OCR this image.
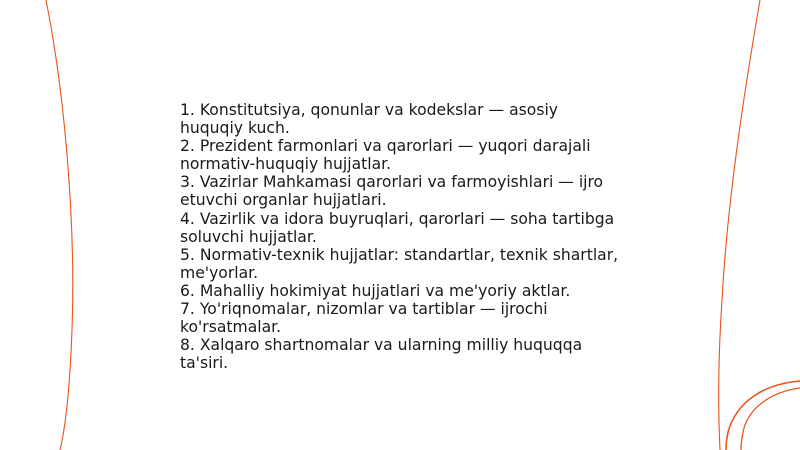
1. Konstitutsiya, qonunlar va kodekslar — asosiy huquqiy kuch.
2. Prezident farmonlari va qarorlari — yuqori darajali normativ-huquqiy hujjatlar.
3. Vazirlar Mahkamasi qarorlari va farmoyishlari — ijro etuvchi organlar hujjatlari.
4. Vazirlik va idora buyruqlari, qarorlari — soha tartibga soluvchi hujjatlar.
5. Normativ-texnik hujjatlar: standartlar, texnik shartlar, me'yorlar.
6. Mahalliy hokimiyat hujjatlari va me'yoriy aktlar.
7. Yo'riqnomalar, nizomlar va tartiblar — ijrochi ko'rsatmalar.
8. Xalqaro shartnomalar va ularning milliy huquqqa ta'siri.
